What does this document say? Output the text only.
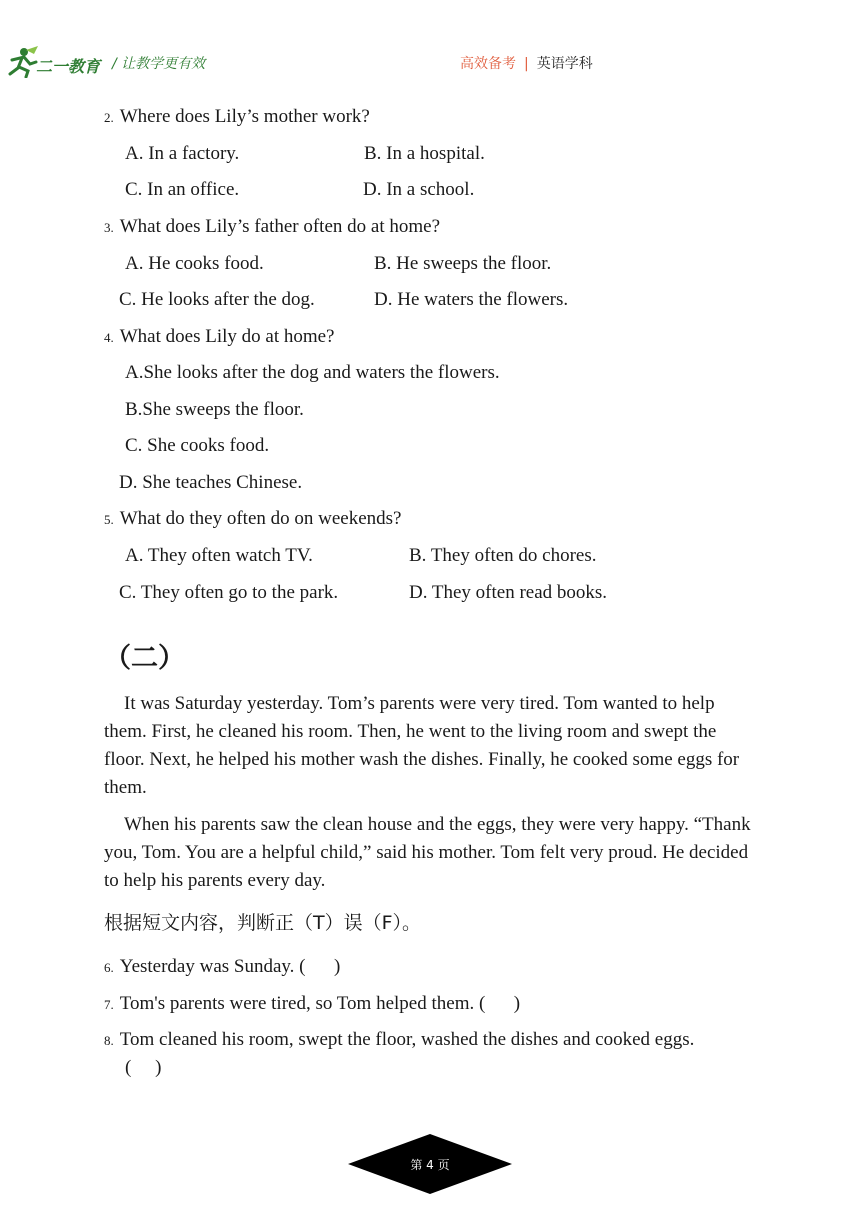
二一教育 / 让教学更有效	高效备考 | 英语学科
2. Where does Lily’s mother work?
A. In a factory.	B. In a hospital.
C. In an office.	D. In a school.
3. What does Lily’s father often do at home?
A. He cooks food.	B. He sweeps the floor.
C. He looks after the dog.	D. He waters the flowers.
4. What does Lily do at home?
A.She looks after the dog and waters the flowers.
B.She sweeps the floor.
C. She cooks food.
D. She teaches Chinese.
5. What do they often do on weekends?
A. They often watch TV.	B. They often do chores.
C. They often go to the park.	D. They often read books.
（二）
It was Saturday yesterday. Tom’s parents were very tired. Tom wanted to help them. First, he cleaned his room. Then, he went to the living room and swept the floor. Next, he helped his mother wash the dishes. Finally, he cooked some eggs for them.
When his parents saw the clean house and the eggs, they were very happy. “Thank you, Tom. You are a helpful child,” said his mother. Tom felt very proud. He decided to help his parents every day.
根据短文内容，判断正（T）误（F）。
6. Yesterday was Sunday. (      )
7. Tom's parents were tired, so Tom helped them. (      )
8. Tom cleaned his room, swept the floor, washed the dishes and cooked eggs.
(     )
第 4 页
